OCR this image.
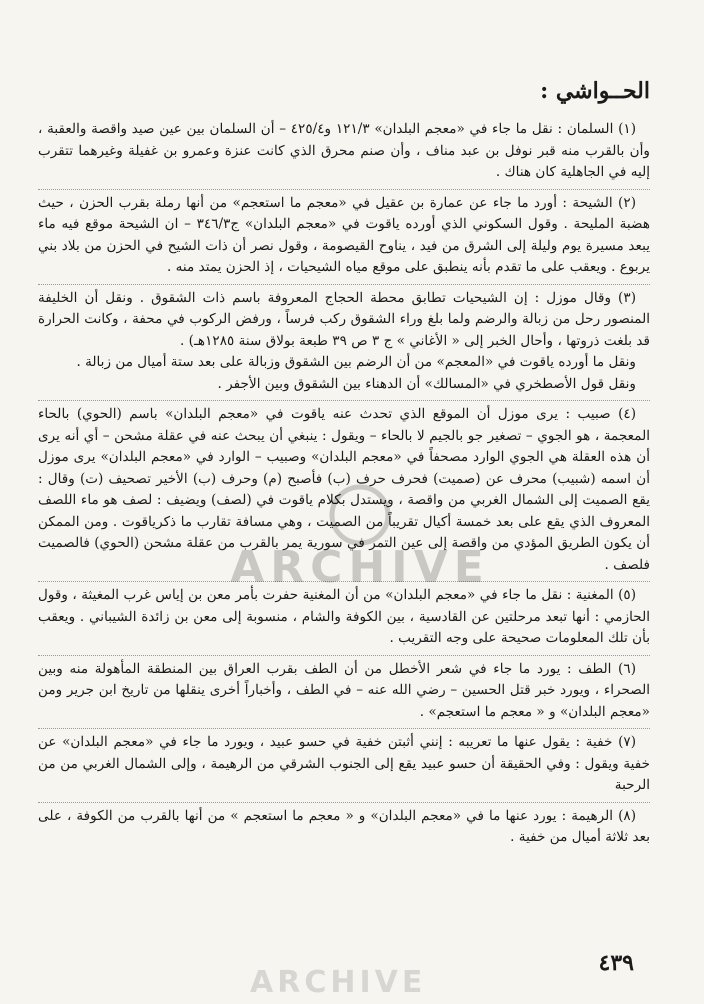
الحــواشي :

(١) السلمان : نقل ما جاء في «معجم البلدان» ١٢١/٣ و٤٢٥/٤ – أن السلمان بين عين صيد واقصة والعقبة ، وأن بالقرب منه قبر نوفل بن عبد مناف ، وأن صنم محرق الذي كانت عنزة وعمرو بن غفيلة وغيرهما تتقرب إليه في الجاهلية كان هناك .

(٢) الشيحة : أورد ما جاء عن عمارة بن عقيل في «معجم ما استعجم» من أنها رملة بقرب الحزن ، حيث هضبة المليحة . وقول السكوني الذي أورده ياقوت في «معجم البلدان» ج٣٤٦/٣ – ان الشيحة موقع فيه ماء يبعد مسيرة يوم وليلة إلى الشرق من فيد ، يناوح القيصومة ، وقول نصر أن ذات الشيح في الحزن من بلاد بني يربوع . ويعقب على ما تقدم بأنه ينطبق على موقع مياه الشيحيات ، إذ الحزن يمتد منه .

(٣) وقال موزل : إن الشيحيات تطابق محطة الحجاج المعروفة باسم ذات الشقوق . ونقل أن الخليفة المنصور رحل من زبالة والرضم ولما بلغ وراء الشقوق ركب فرساً ، ورفض الركوب في محفة ، وكانت الحرارة قد بلغت ذروتها ، وأحال الخبر إلى « الأغاني » ج ٣ ص ٣٩ طبعة بولاق سنة ١٢٨٥هـ) .

ونقل ما أورده ياقوت في «المعجم» من أن الرضم بين الشقوق وزبالة على بعد ستة أميال من زبالة .

ونقل قول الأصطخري في «المسالك» أن الدهناء بين الشقوق وبين الأجفر .

(٤) صبيب : يرى موزل أن الموقع الذي تحدث عنه ياقوت في «معجم البلدان» باسم (الحوي) بالحاء المعجمة ، هو الجوي – تصغير جو بالجيم لا بالحاء – ويقول : ينبغي أن يبحث عنه في عقلة مشحن – أي أنه يرى أن هذه العقلة هي الجوي الوارد مصحفاً في «معجم البلدان» وصبيب – الوارد في «معجم البلدان» يرى موزل أن اسمه (شبيب) محرف عن (صميت) فحرف حرف (ب) فأصبح (م) وحرف (ب) الأخير تصحيف (ت) وقال : يقع الصميت إلى الشمال الغربي من واقصة ، ويستدل بكلام ياقوت في (لصف) ويضيف : لصف هو ماء اللصف المعروف الذي يقع على بعد خمسة أكيال تقريباً من الصميت ، وهي مسافة تقارب ما ذكرياقوت . ومن الممكن أن يكون الطريق المؤدي من واقصة إلى عين التمر في سورية يمر بالقرب من عقلة مشحن (الحوي) فالصميت فلصف .

(٥) المغنية : نقل ما جاء في «معجم البلدان» من أن المغنية حفرت بأمر معن بن إياس غرب المغيثة ، وقول الحازمي : أنها تبعد مرحلتين عن القادسية ، بين الكوفة والشام ، منسوبة إلى معن بن زائدة الشيباني . ويعقب بأن تلك المعلومات صحيحة على وجه التقريب .

(٦) الطف : يورد ما جاء في شعر الأخطل من أن الطف بقرب العراق بين المنطقة المأهولة منه وبين الصحراء ، ويورد خبر قتل الحسين – رضي الله عنه – في الطف ، وأخباراً أخرى ينقلها من تاريخ ابن جرير ومن «معجم البلدان» و « معجم ما استعجم» .

(٧) خفية : يقول عنها ما تعريبه : إنني أثبتن خفية في حسو عبيد ، ويورد ما جاء في «معجم البلدان» عن خفية ويقول : وفي الحقيقة أن حسو عبيد يقع إلى الجنوب الشرقي من الرهيمة ، وإلى الشمال الغربي من من الرحبة

(٨) الرهيمة : يورد عنها ما في «معجم البلدان» و « معجم ما استعجم » من أنها بالقرب من الكوفة ، على بعد ثلاثة أميال من خفية .

ARCHIVE
٤٣٩
ARCHIVE
